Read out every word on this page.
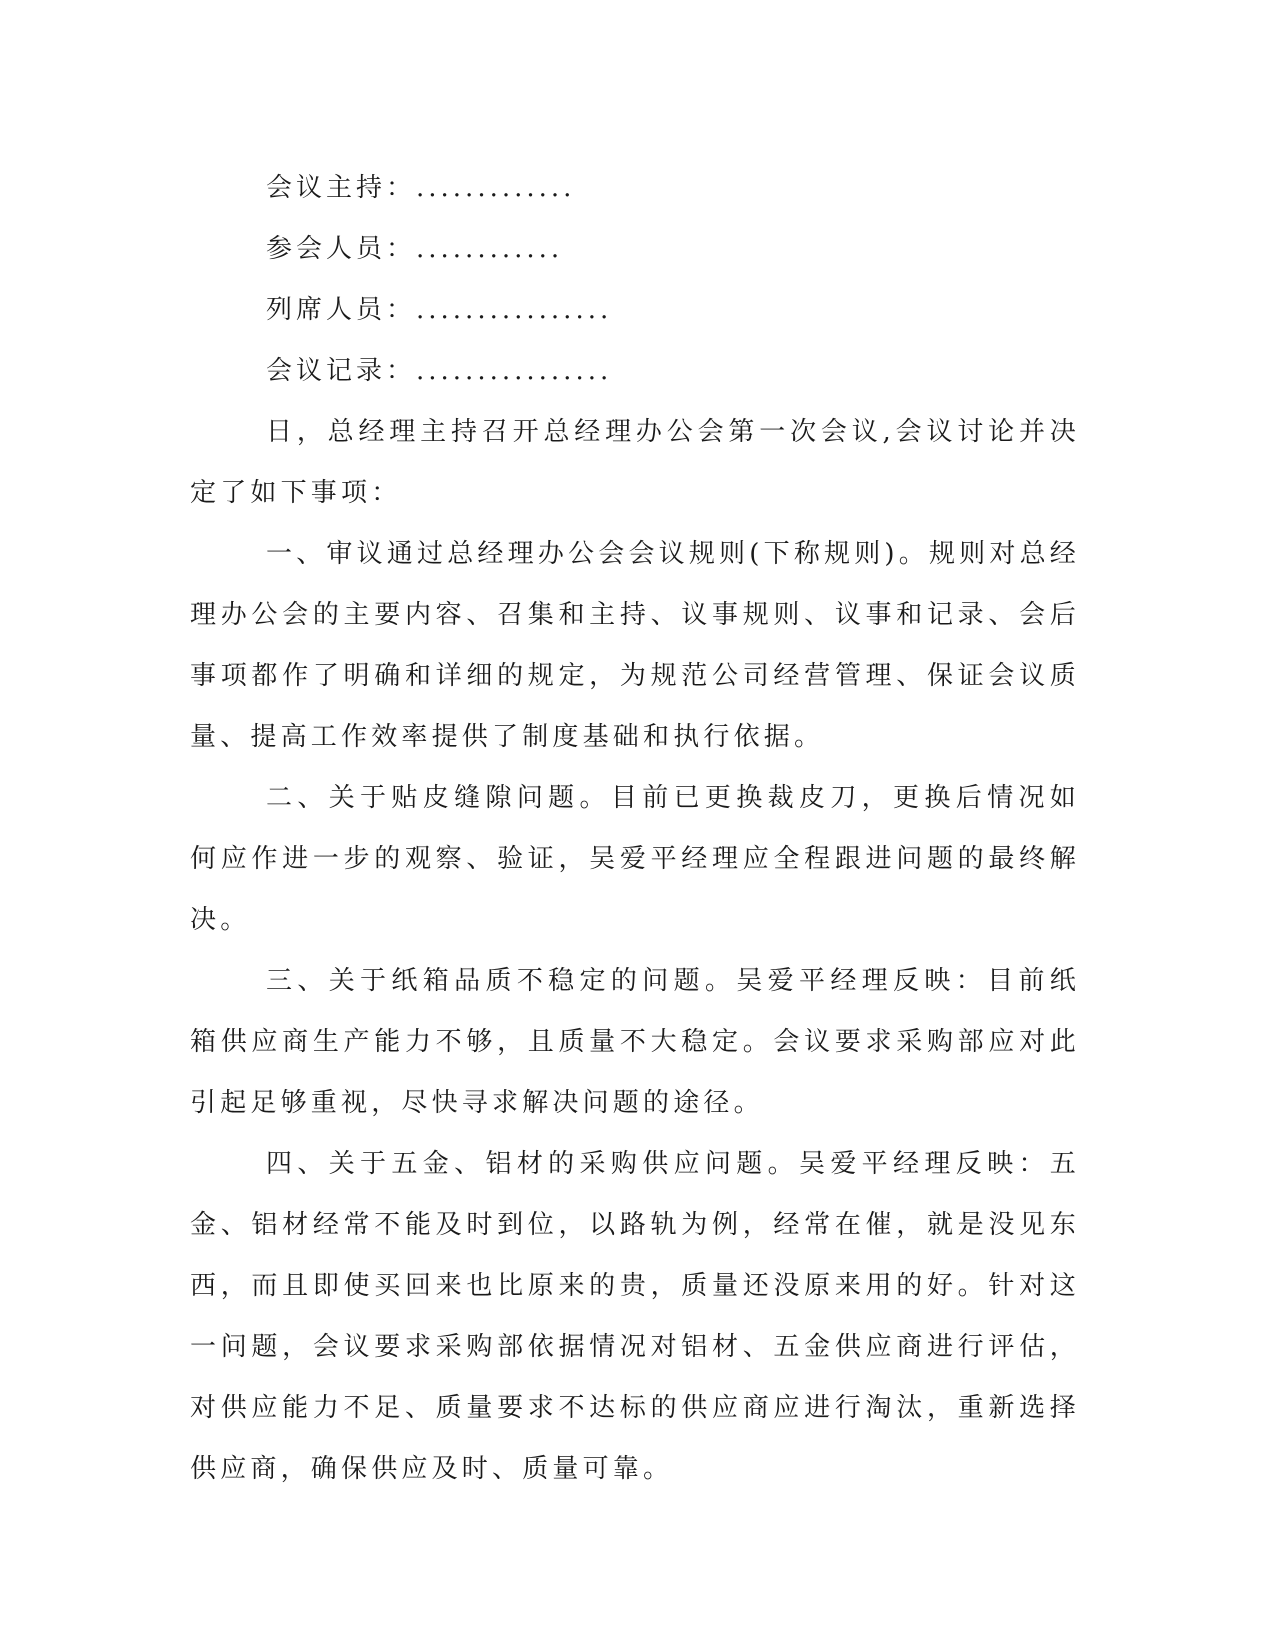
会议主持：.............

参会人员：............

列席人员：................

会议记录：................

日，总经理主持召开总经理办公会第一次会议,会议讨论并决定了如下事项：

一、审议通过总经理办公会会议规则(下称规则)。规则对总经理办公会的主要内容、召集和主持、议事规则、议事和记录、会后事项都作了明确和详细的规定，为规范公司经营管理、保证会议质量、提高工作效率提供了制度基础和执行依据。

二、关于贴皮缝隙问题。目前已更换裁皮刀，更换后情况如何应作进一步的观察、验证，吴爱平经理应全程跟进问题的最终解决。

三、关于纸箱品质不稳定的问题。吴爱平经理反映：目前纸箱供应商生产能力不够，且质量不大稳定。会议要求采购部应对此引起足够重视，尽快寻求解决问题的途径。

四、关于五金、铝材的采购供应问题。吴爱平经理反映：五金、铝材经常不能及时到位，以路轨为例，经常在催，就是没见东西，而且即使买回来也比原来的贵，质量还没原来用的好。针对这一问题，会议要求采购部依据情况对铝材、五金供应商进行评估，对供应能力不足、质量要求不达标的供应商应进行淘汰，重新选择供应商，确保供应及时、质量可靠。
